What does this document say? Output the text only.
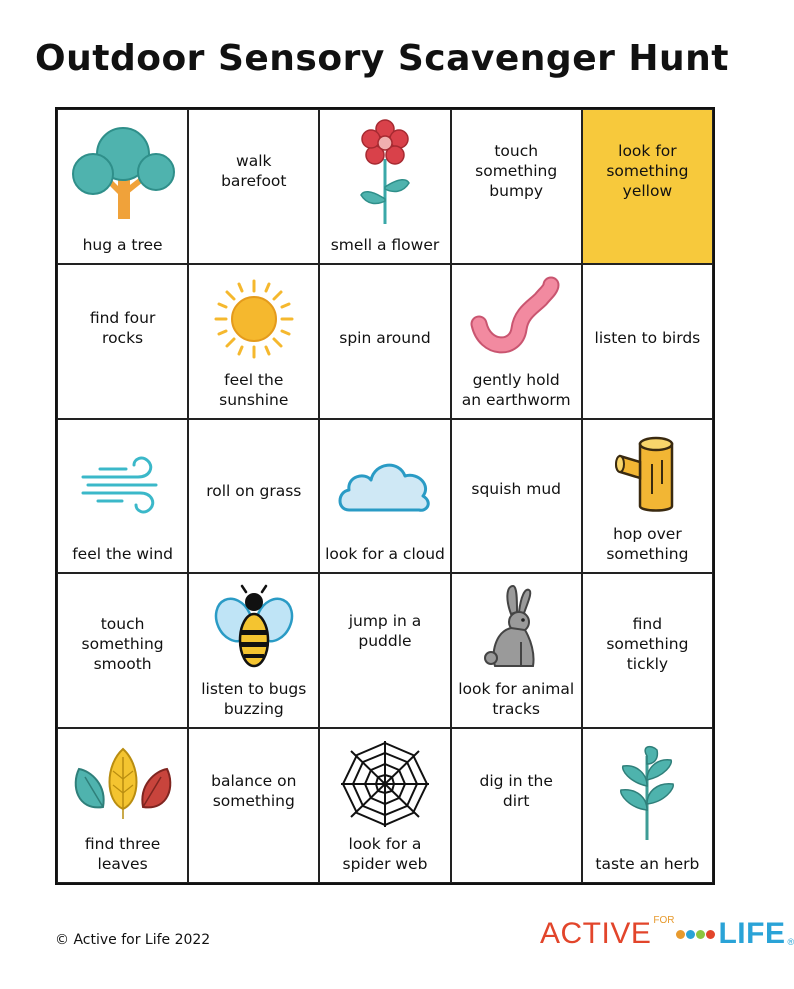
Outdoor Sensory Scavenger Hunt
hug a tree
walk barefoot
smell a flower
touch something bumpy
look for something yellow
find four rocks
feel the sunshine
spin around
gently hold an earthworm
listen to birds
feel the wind
roll on grass
look for a cloud
squish mud
hop over something
touch something smooth
listen to bugs buzzing
jump in a puddle
look for animal tracks
find something tickly
find three leaves
balance on something
look for a spider web
dig in the dirt
taste an herb
© Active for Life 2022	ACTIVE FOR LIFE ®
